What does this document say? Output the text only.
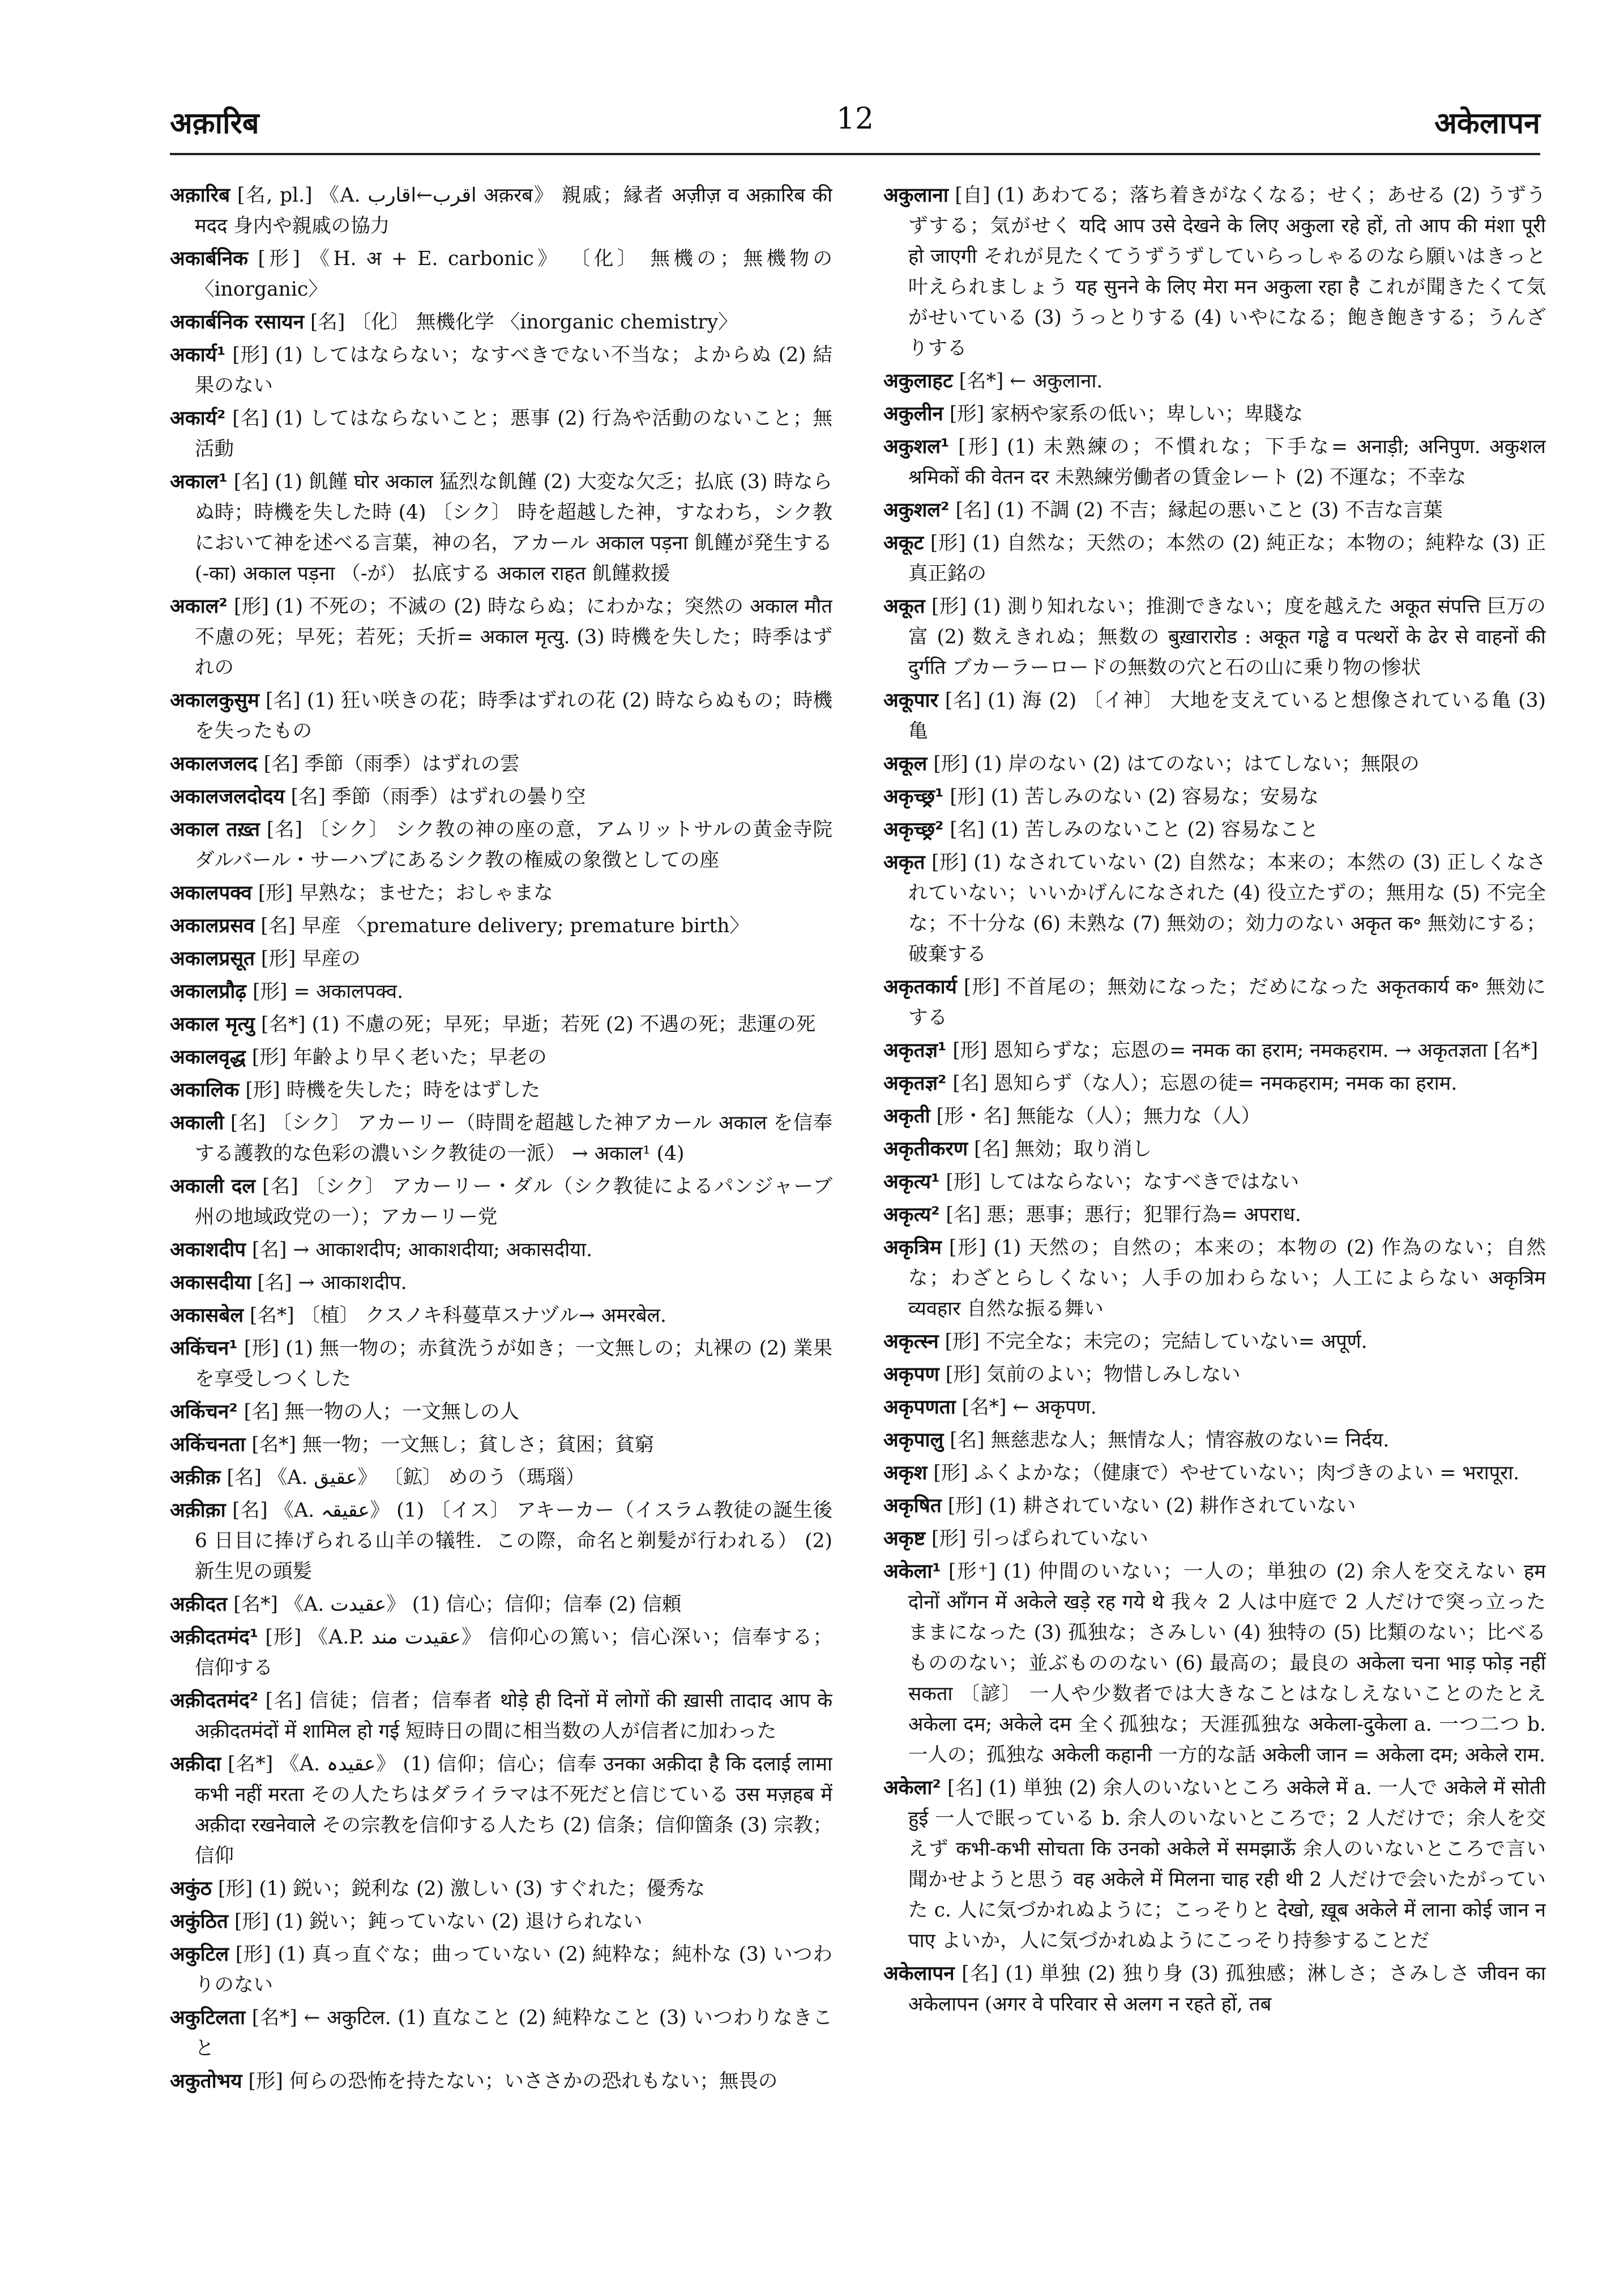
12
अक़ारिब	अकेलापन
अक़ारिब [名, pl.] 《A. اقرب←اقارب अक़रब》 親戚；縁者 अज़ीज़ व अक़ारिब की मदद 身内や親戚の協力
अकार्बनिक [形] 《H. अ + E. carbonic》 〔化〕 無機の；無機物の 〈inorganic〉
अकार्बनिक रसायन [名] 〔化〕 無機化学 〈inorganic chemistry〉
अकार्य¹ [形] (1) してはならない；なすべきでない不当な；よからぬ (2) 結果のない
अकार्य² [名] (1) してはならないこと；悪事 (2) 行為や活動のないこと；無活動
अकाल¹ [名] (1) 飢饉 घोर अकाल 猛烈な飢饉 (2) 大変な欠乏；払底 (3) 時ならぬ時；時機を失した時 (4) 〔シク〕 時を超越した神，すなわち，シク教において神を述べる言葉，神の名，アカール अकाल पड़ना 飢饉が発生する (-का) अकाल पड़ना （-が） 払底する अकाल राहत 飢饉救援
अकाल² [形] (1) 不死の；不滅の (2) 時ならぬ；にわかな；突然の अकाल मौत 不慮の死；早死；若死；夭折= अकाल मृत्यु. (3) 時機を失した；時季はずれの
अकालकुसुम [名] (1) 狂い咲きの花；時季はずれの花 (2) 時ならぬもの；時機を失ったもの
अकालजलद [名] 季節（雨季）はずれの雲
अकालजलदोदय [名] 季節（雨季）はずれの曇り空
अकाल तख़्त [名] 〔シク〕 シク教の神の座の意，アムリットサルの黄金寺院ダルバール・サーハブにあるシク教の権威の象徴としての座
अकालपक्व [形] 早熟な；ませた；おしゃまな
अकालप्रसव [名] 早産 〈premature delivery; premature birth〉
अकालप्रसूत [形] 早産の
अकालप्रौढ़ [形] = अकालपक्व.
अकाल मृत्यु [名*] (1) 不慮の死；早死；早逝；若死 (2) 不遇の死；悲運の死
अकालवृद्ध [形] 年齢より早く老いた；早老の
अकालिक [形] 時機を失した；時をはずした
अकाली [名] 〔シク〕 アカーリー（時間を超越した神アカール अकाल を信奉する護教的な色彩の濃いシク教徒の一派） → अकाल¹ (4)
अकाली दल [名] 〔シク〕 アカーリー・ダル（シク教徒によるパンジャーブ州の地域政党の一）；アカーリー党
अकाशदीप [名] → आकाशदीप; आकाशदीया; अकासदीया.
अकासदीया [名] → आकाशदीप.
अकासबेल [名*] 〔植〕 クスノキ科蔓草スナヅル→ अमरबेल.
अकिंचन¹ [形] (1) 無一物の；赤貧洗うが如き；一文無しの；丸裸の (2) 業果を享受しつくした
अकिंचन² [名] 無一物の人；一文無しの人
अकिंचनता [名*] 無一物；一文無し；貧しさ；貧困；貧窮
अक़ीक़ [名] 《A. عقیق》 〔鉱〕 めのう（瑪瑙）
अक़ीक़ा [名] 《A. عقیقہ》 (1) 〔イス〕 アキーカー（イスラム教徒の誕生後 6 日目に捧げられる山羊の犠牲．この際，命名と剃髪が行われる） (2) 新生児の頭髪
अक़ीदत [名*] 《A. عقیدت》 (1) 信心；信仰；信奉 (2) 信頼
अक़ीदतमंद¹ [形] 《A.P. عقیدت مند》 信仰心の篤い；信心深い；信奉する；信仰する
अक़ीदतमंद² [名] 信徒；信者；信奉者 थोड़े ही दिनों में लोगों की ख़ासी तादाद आप के अक़ीदतमंदों में शामिल हो गई 短時日の間に相当数の人が信者に加わった
अक़ीदा [名*] 《A. عقیدہ》 (1) 信仰；信心；信奉 उनका अक़ीदा है कि दलाई लामा कभी नहीं मरता その人たちはダライラマは不死だと信じている उस मज़हब में अक़ीदा रखनेवाले その宗教を信仰する人たち (2) 信条；信仰箇条 (3) 宗教；信仰
अकुंठ [形] (1) 鋭い；鋭利な (2) 激しい (3) すぐれた；優秀な
अकुंठित [形] (1) 鋭い；鈍っていない (2) 退けられない
अकुटिल [形] (1) 真っ直ぐな；曲っていない (2) 純粋な；純朴な (3) いつわりのない
अकुटिलता [名*] ← अकुटिल. (1) 直なこと (2) 純粋なこと (3) いつわりなきこと
अकुतोभय [形] 何らの恐怖を持たない；いささかの恐れもない；無畏の
अकुलाना [自] (1) あわてる；落ち着きがなくなる；せく；あせる (2) うずうずする；気がせく यदि आप उसे देखने के लिए अकुला रहे हों, तो आप की मंशा पूरी हो जाएगी それが見たくてうずうずしていらっしゃるのなら願いはきっと叶えられましょう यह सुनने के लिए मेरा मन अकुला रहा है これが聞きたくて気がせいている (3) うっとりする (4) いやになる；飽き飽きする；うんざりする
अकुलाहट [名*] ← अकुलाना.
अकुलीन [形] 家柄や家系の低い；卑しい；卑賤な
अकुशल¹ [形] (1) 未熟練の；不慣れな；下手な= अनाड़ी; अनिपुण. अकुशल श्रमिकों की वेतन दर 未熟練労働者の賃金レート (2) 不運な；不幸な
अकुशल² [名] (1) 不調 (2) 不吉；縁起の悪いこと (3) 不吉な言葉
अकूट [形] (1) 自然な；天然の；本然の (2) 純正な；本物の；純粋な (3) 正真正銘の
अकूत [形] (1) 測り知れない；推測できない；度を越えた अकूत संपत्ति 巨万の富 (2) 数えきれぬ；無数の बुख़ारारोड : अकूत गड्ढे व पत्थरों के ढेर से वाहनों की दुर्गति ブカーラーロードの無数の穴と石の山に乗り物の惨状
अकूपार [名] (1) 海 (2) 〔イ神〕 大地を支えていると想像されている亀 (3) 亀
अकूल [形] (1) 岸のない (2) はてのない；はてしない；無限の
अकृच्छ्र¹ [形] (1) 苦しみのない (2) 容易な；安易な
अकृच्छ्र² [名] (1) 苦しみのないこと (2) 容易なこと
अकृत [形] (1) なされていない (2) 自然な；本来の；本然の (3) 正しくなされていない；いいかげんになされた (4) 役立たずの；無用な (5) 不完全な；不十分な (6) 未熟な (7) 無効の；効力のない अकृत क॰ 無効にする；破棄する
अकृतकार्य [形] 不首尾の；無効になった；だめになった अकृतकार्य क॰ 無効にする
अकृतज्ञ¹ [形] 恩知らずな；忘恩の= नमक का हराम; नमकहराम. → अकृतज्ञता [名*]
अकृतज्ञ² [名] 恩知らず（な人）；忘恩の徒= नमकहराम; नमक का हराम.
अकृती [形・名] 無能な（人）；無力な（人）
अकृतीकरण [名] 無効；取り消し
अकृत्य¹ [形] してはならない；なすべきではない
अकृत्य² [名] 悪；悪事；悪行；犯罪行為= अपराध.
अकृत्रिम [形] (1) 天然の；自然の；本来の；本物の (2) 作為のない；自然な；わざとらしくない；人手の加わらない；人工によらない अकृत्रिम व्यवहार 自然な振る舞い
अकृत्स्न [形] 不完全な；未完の；完結していない= अपूर्ण.
अकृपण [形] 気前のよい；物惜しみしない
अकृपणता [名*] ← अकृपण.
अकृपालु [名] 無慈悲な人；無情な人；情容赦のない= निर्दय.
अकृश [形] ふくよかな；（健康で）やせていない；肉づきのよい = भरापूरा.
अकृषित [形] (1) 耕されていない (2) 耕作されていない
अकृष्ट [形] 引っぱられていない
अकेला¹ [形⁺] (1) 仲間のいない；一人の；単独の (2) 余人を交えない हम दोनों आँगन में अकेले खड़े रह गये थे 我々 2 人は中庭で 2 人だけで突っ立ったままになった (3) 孤独な；さみしい (4) 独特の (5) 比類のない；比べるもののない；並ぶもののない (6) 最高の；最良の अकेला चना भाड़ फोड़ नहीं सकता 〔諺〕 一人や少数者では大きなことはなしえないことのたとえ अकेला दम; अकेले दम 全く孤独な；天涯孤独な अकेला-दुकेला a. 一つ二つ b. 一人の；孤独な अकेली कहानी 一方的な話 अकेली जान = अकेला दम; अकेले राम.
अकेला² [名] (1) 単独 (2) 余人のいないところ अकेले में a. 一人で अकेले में सोती हुई 一人で眠っている b. 余人のいないところで；2 人だけで；余人を交えず कभी-कभी सोचता कि उनको अकेले में समझाऊँ 余人のいないところで言い聞かせようと思う वह अकेले में मिलना चाह रही थी 2 人だけで会いたがっていた c. 人に気づかれぬように；こっそりと देखो, ख़ूब अकेले में लाना कोई जान न पाए よいか，人に気づかれぬようにこっそり持参することだ
अकेलापन [名] (1) 単独 (2) 独り身 (3) 孤独感；淋しさ；さみしさ जीवन का अकेलापन (अगर वे परिवार से अलग न रहते हों, तब
